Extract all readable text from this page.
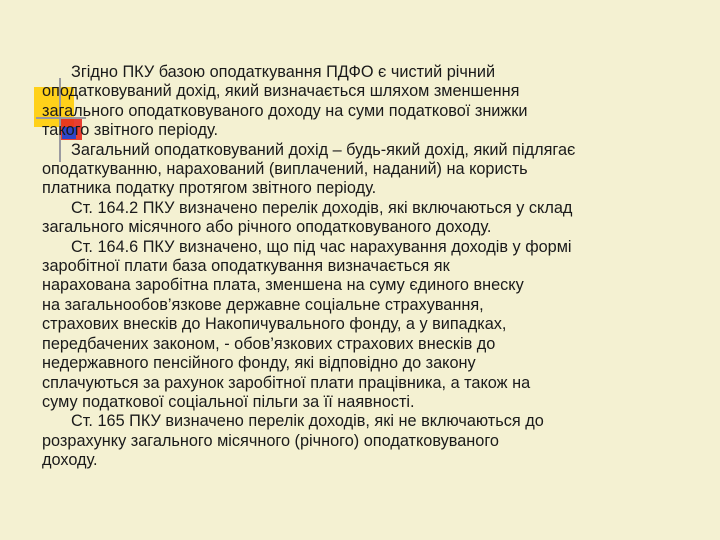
Згідно ПКУ базою оподаткування ПДФО є чистий річний
оподатковуваний дохід, який визначається шляхом зменшення
загального оподатковуваного доходу на суми податкової знижки
такого звітного періоду.

Загальний оподатковуваний дохід – будь-який дохід, який підлягає
оподаткуванню, нарахований (виплачений, наданий) на користь
платника податку протягом звітного періоду.

Ст. 164.2 ПКУ визначено перелік доходів, які включаються у склад
загального місячного або річного оподатковуваного доходу.

Ст. 164.6 ПКУ визначено, що під час нарахування доходів у формі
заробітної плати база оподаткування визначається як
нарахована заробітна плата, зменшена на суму єдиного внеску
на загальнообов’язкове державне соціальне страхування,
страхових внесків до Накопичувального фонду, а у випадках,
передбачених законом, - обов’язкових страхових внесків до
недержавного пенсійного фонду, які відповідно до закону
сплачуються за рахунок заробітної плати працівника, а також на
суму податкової соціальної пільги за її наявності.

Ст. 165 ПКУ визначено перелік доходів, які не включаються до
розрахунку загального місячного (річного) оподатковуваного
доходу.
